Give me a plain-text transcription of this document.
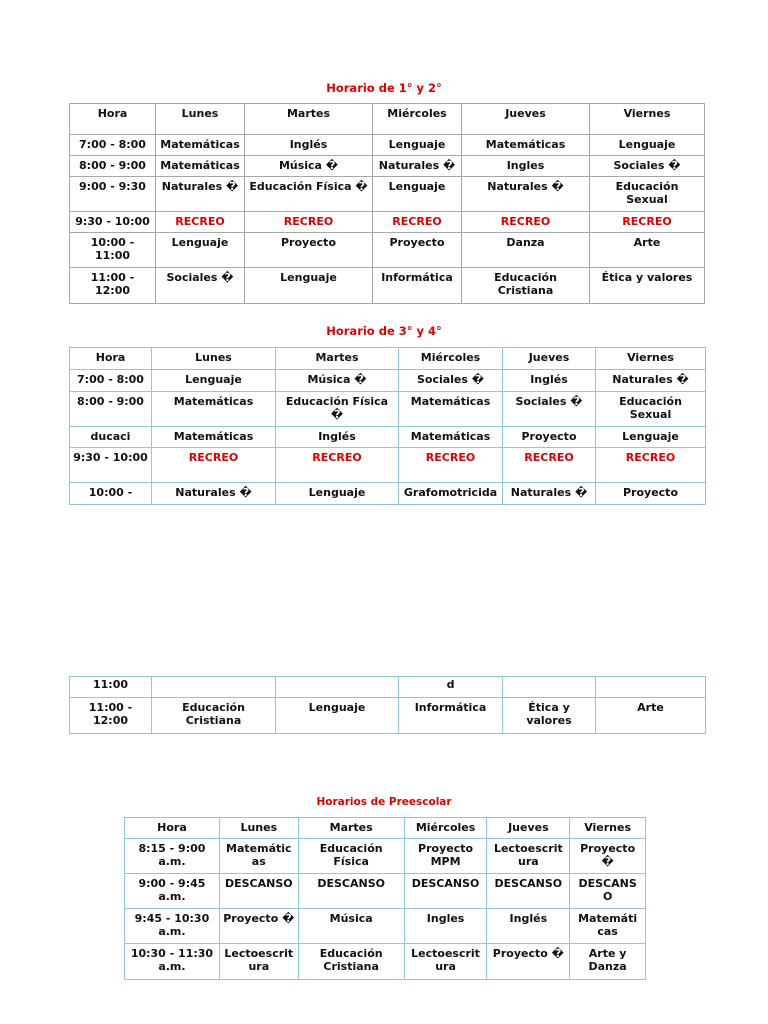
Horario de 1° y 2°
Hora	Lunes	Martes	Miércoles	Jueves	Viernes
7:00 - 8:00	Matemáticas	Inglés	Lenguaje	Matemáticas	Lenguaje
8:00 - 9:00	Matemáticas	Música �	Naturales �	Ingles	Sociales �
9:00 - 9:30	Naturales �	Educación Física �	Lenguaje	Naturales �	Educación Sexual
9:30 - 10:00	RECREO	RECREO	RECREO	RECREO	RECREO
10:00 - 11:00	Lenguaje	Proyecto	Proyecto	Danza	Arte
11:00 - 12:00	Sociales �	Lenguaje	Informática	Educación Cristiana	Ética y valores
Horario de 3° y 4°
Hora	Lunes	Martes	Miércoles	Jueves	Viernes
7:00 - 8:00	Lenguaje	Música �	Sociales �	Inglés	Naturales �
8:00 - 9:00	Matemáticas	Educación Física �	Matemáticas	Sociales �	Educación Sexual
ducaci	Matemáticas	Inglés	Matemáticas	Proyecto	Lenguaje
9:30 - 10:00	RECREO	RECREO	RECREO	RECREO	RECREO
10:00 -	Naturales �	Lenguaje	Grafomotricida	Naturales �	Proyecto
11:00			d		
11:00 - 12:00	Educación Cristiana	Lenguaje	Informática	Ética y valores	Arte
Horarios de Preescolar
Hora	Lunes	Martes	Miércoles	Jueves	Viernes
8:15 - 9:00 a.m.	Matemátic as	Educación Física	Proyecto MPM	Lectoescrit ura	Proyecto �
9:00 - 9:45 a.m.	DESCANSO	DESCANSO	DESCANSO	DESCANSO	DESCANS O
9:45 - 10:30 a.m.	Proyecto �	Música	Ingles	Inglés	Matemáti cas
10:30 - 11:30 a.m.	Lectoescrit ura	Educación Cristiana	Lectoescrit ura	Proyecto �	Arte y Danza
